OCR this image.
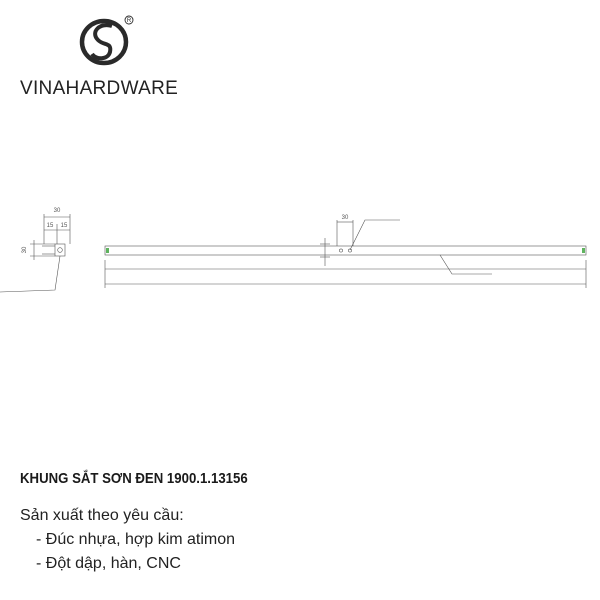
R
VINAHARDWARE
30
15 15
30
30
KHUNG SẮT SƠN ĐEN 1900.1.13156
Sản xuất theo yêu cầu:
- Đúc nhựa, hợp kim atimon
- Đột dập, hàn, CNC
